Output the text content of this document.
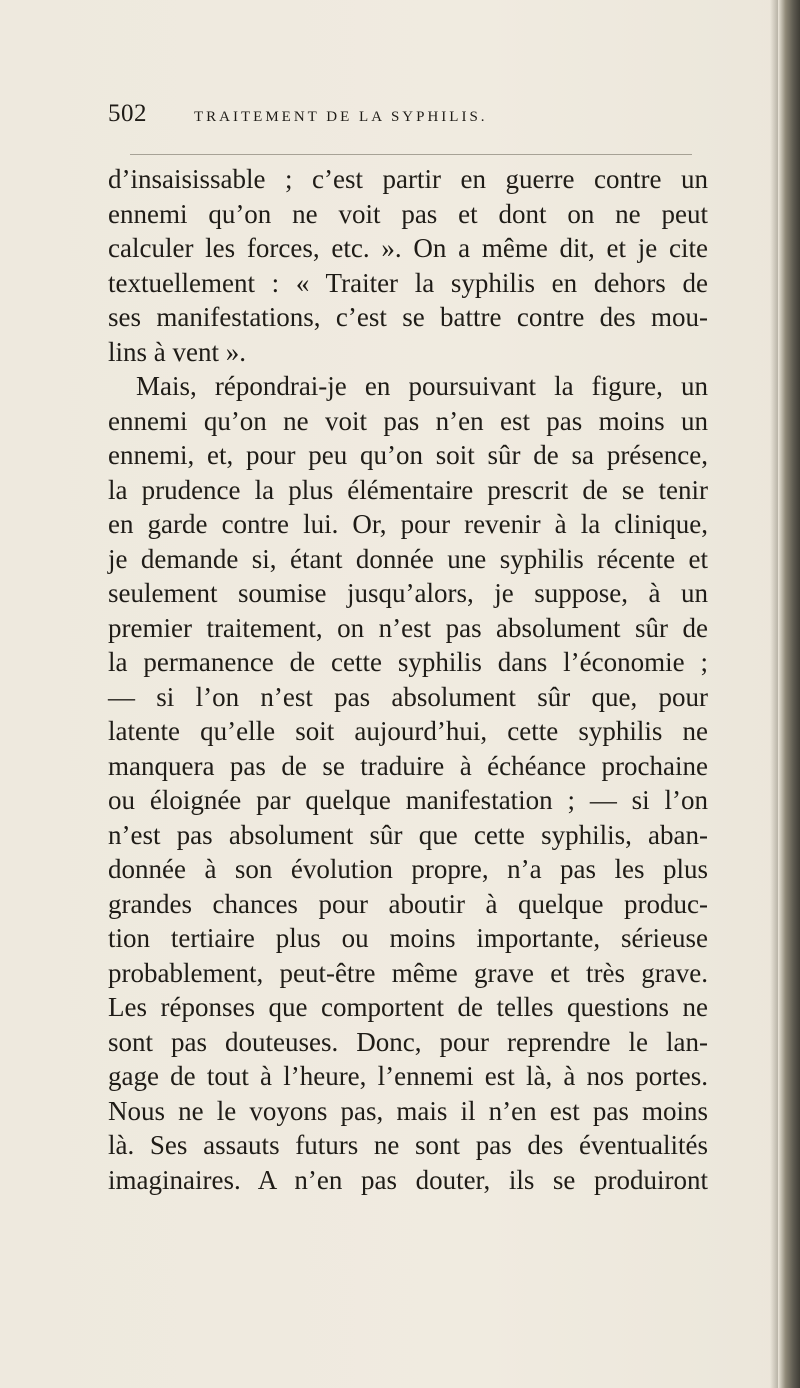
502	TRAITEMENT DE LA SYPHILIS.
d’insaisissable ; c’est partir en guerre contre un
ennemi qu’on ne voit pas et dont on ne peut
calculer les forces, etc. ». On a même dit, et je cite
textuellement : « Traiter la syphilis en dehors de
ses manifestations, c’est se battre contre des mou-
lins à vent ».
Mais, répondrai-je en poursuivant la figure, un
ennemi qu’on ne voit pas n’en est pas moins un
ennemi, et, pour peu qu’on soit sûr de sa présence,
la prudence la plus élémentaire prescrit de se tenir
en garde contre lui. Or, pour revenir à la clinique,
je demande si, étant donnée une syphilis récente et
seulement soumise jusqu’alors, je suppose, à un
premier traitement, on n’est pas absolument sûr de
la permanence de cette syphilis dans l’économie ;
— si l’on n’est pas absolument sûr que, pour
latente qu’elle soit aujourd’hui, cette syphilis ne
manquera pas de se traduire à échéance prochaine
ou éloignée par quelque manifestation ; — si l’on
n’est pas absolument sûr que cette syphilis, aban-
donnée à son évolution propre, n’a pas les plus
grandes chances pour aboutir à quelque produc-
tion tertiaire plus ou moins importante, sérieuse
probablement, peut-être même grave et très grave.
Les réponses que comportent de telles questions ne
sont pas douteuses. Donc, pour reprendre le lan-
gage de tout à l’heure, l’ennemi est là, à nos portes.
Nous ne le voyons pas, mais il n’en est pas moins
là. Ses assauts futurs ne sont pas des éventualités
imaginaires. A n’en pas douter, ils se produiront
